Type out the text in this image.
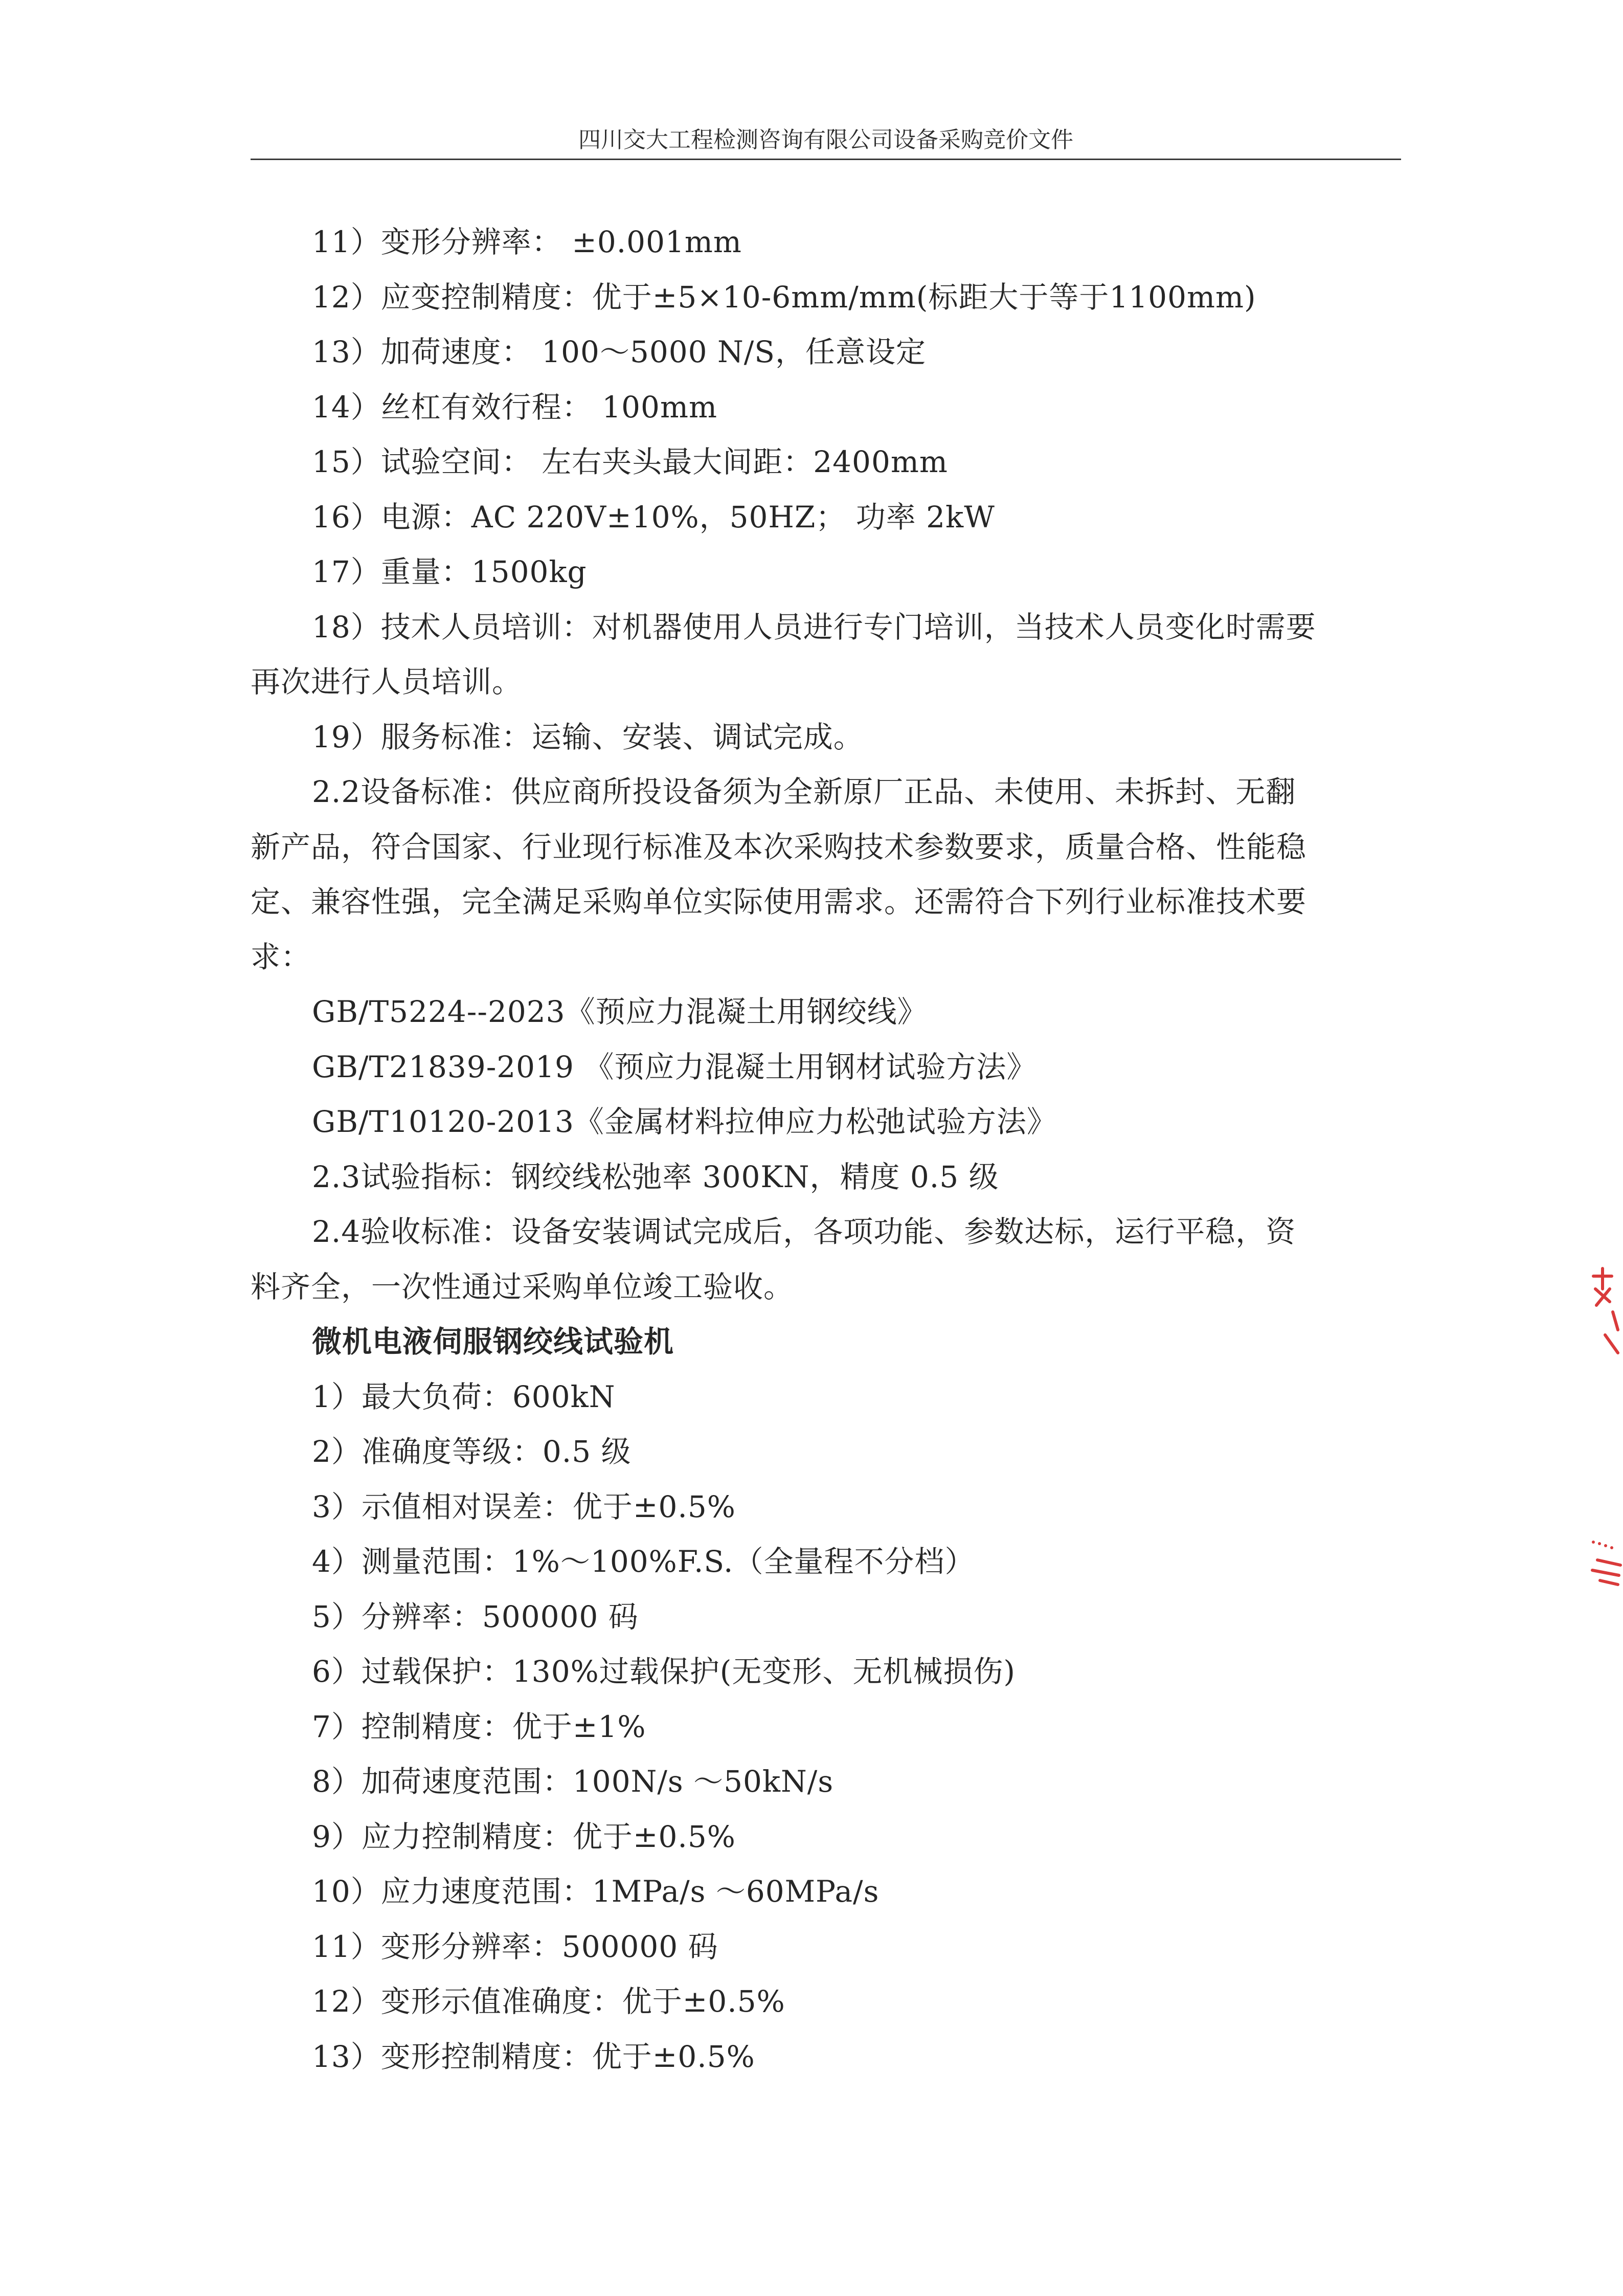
四川交大工程检测咨询有限公司设备采购竞价文件
11）变形分辨率： ±0.001mm
12）应变控制精度：优于±5×10-6mm/mm(标距大于等于1100mm)
13）加荷速度： 100～5000 N/S，任意设定
14）丝杠有效行程： 100mm
15）试验空间： 左右夹头最大间距：2400mm
16）电源：AC 220V±10%，50HZ； 功率 2kW
17）重量：1500kg
18）技术人员培训：对机器使用人员进行专门培训，当技术人员变化时需要
再次进行人员培训。
19）服务标准：运输、安装、调试完成。
2.2设备标准：供应商所投设备须为全新原厂正品、未使用、未拆封、无翻
新产品，符合国家、行业现行标准及本次采购技术参数要求，质量合格、性能稳
定、兼容性强，完全满足采购单位实际使用需求。还需符合下列行业标准技术要
求：
GB/T5224--2023《预应力混凝土用钢绞线》
GB/T21839-2019 《预应力混凝土用钢材试验方法》
GB/T10120-2013《金属材料拉伸应力松弛试验方法》
2.3试验指标：钢绞线松弛率 300KN，精度 0.5 级
2.4验收标准：设备安装调试完成后，各项功能、参数达标，运行平稳，资
料齐全，一次性通过采购单位竣工验收。
微机电液伺服钢绞线试验机
1）最大负荷：600kN
2）准确度等级：0.5 级
3）示值相对误差：优于±0.5%
4）测量范围：1%～100%F.S.（全量程不分档）
5）分辨率：500000 码
6）过载保护：130%过载保护(无变形、无机械损伤)
7）控制精度：优于±1%
8）加荷速度范围：100N/s ～50kN/s
9）应力控制精度：优于±0.5%
10）应力速度范围：1MPa/s ～60MPa/s
11）变形分辨率：500000 码
12）变形示值准确度：优于±0.5%
13）变形控制精度：优于±0.5%
